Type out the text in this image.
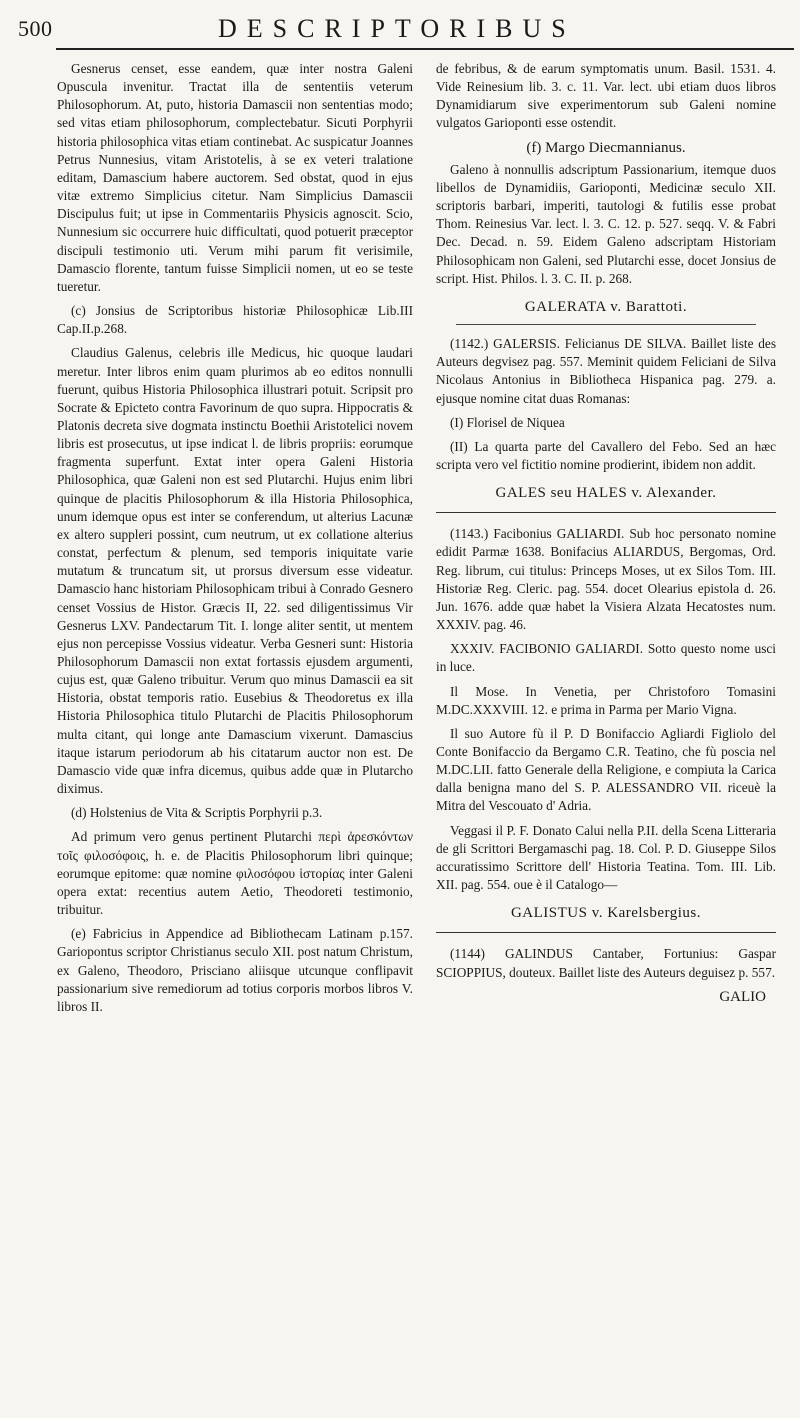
500	DESCRIPTORIBUS

Gesnerus censet, esse eandem, quæ inter nostra Galeni Opuscula invenitur. Tractat illa de sententiis veterum Philosophorum. At, puto, historia Damascii non sententias modo; sed vitas etiam philosophorum, complectebatur. Sicuti Porphyrii historia philosophica vitas etiam continebat. Ac suspicatur Joannes Petrus Nunnesius, vitam Aristotelis, à se ex veteri tralatione editam, Damascium habere auctorem. Sed obstat, quod in ejus vitæ extremo Simplicius citetur. Nam Simplicius Damascii Discipulus fuit; ut ipse in Commentariis Physicis agnoscit. Scio, Nunnesium sic occurrere huic difficultati, quod potuerit præceptor discipuli testimonio uti. Verum mihi parum fit verisimile, Damascio florente, tantum fuisse Simplicii nomen, ut eo se teste tueretur.

(c) Jonsius de Scriptoribus historiæ Philosophicæ Lib.III Cap.II.p.268.

Claudius Galenus, celebris ille Medicus, hic quoque laudari meretur. Inter libros enim quam plurimos ab eo editos nonnulli fuerunt, quibus Historia Philosophica illustrari potuit. Scripsit pro Socrate & Epicteto contra Favorinum de quo supra. Hippocratis & Platonis decreta sive dogmata instinctu Boethii Aristotelici novem libris est prosecutus, ut ipse indicat l. de libris propriis: eorumque fragmenta superfunt. Extat inter opera Galeni Historia Philosophica, quæ Galeni non est sed Plutarchi. Hujus enim libri quinque de placitis Philosophorum & illa Historia Philosophica, unum idemque opus est inter se conferendum, ut alterius Lacunæ ex altero suppleri possint, cum neutrum, ut ex collatione alterius constat, perfectum & plenum, sed temporis iniquitate varie mutatum & truncatum sit, ut prorsus diversum esse videatur. Damascio hanc historiam Philosophicam tribui à Conrado Gesnero censet Vossius de Histor. Græcis II, 22. sed diligentissimus Vir Gesnerus LXV. Pandectarum Tit. I. longe aliter sentit, ut mentem ejus non percepisse Vossius videatur. Verba Gesneri sunt: Historia Philosophorum Damascii non extat fortassis ejusdem argumenti, cujus est, quæ Galeno tribuitur. Verum quo minus Damascii ea sit Historia, obstat temporis ratio. Eusebius & Theodoretus ex illa Historia Philosophica titulo Plutarchi de Placitis Philosophorum multa citant, qui longe ante Damascium vixerunt. Damascius itaque istarum periodorum ab his citatarum auctor non est. De Damascio vide quæ infra dicemus, quibus adde quæ in Plutarcho diximus.

(d) Holstenius de Vita & Scriptis Porphyrii p.3.

Ad primum vero genus pertinent Plutarchi περὶ ἀρεσκόντων τοῖς φιλοσόφοις, h. e. de Placitis Philosophorum libri quinque; eorumque epitome: quæ nomine φιλοσόφου ἱστορίας inter Galeni opera extat: recentius autem Aetio, Theodoreti testimonio, tribuitur.

(e) Fabricius in Appendice ad Bibliothecam Latinam p.157. Gariopontus scriptor Christianus seculo XII. post natum Christum, ex Galeno, Theodoro, Prisciano aliisque utcunque conflipavit passionarium sive remediorum ad totius corporis morbos libros V. libros II.

de febribus, & de earum symptomatis unum. Basil. 1531. 4. Vide Reinesium lib. 3. c. 11. Var. lect. ubi etiam duos libros Dynamidiarum sive experimentorum sub Galeni nomine vulgatos Garioponti esse ostendit.

(f) Margo Diecmannianus.

Galeno à nonnullis adscriptum Passionarium, itemque duos libellos de Dynamidiis, Garioponti, Medicinæ seculo XII. scriptoris barbari, imperiti, tautologi & futilis esse probat Thom. Reinesius Var. lect. l. 3. C. 12. p. 527. seqq. V. & Fabri Dec. Decad. n. 59. Eidem Galeno adscriptam Historiam Philosophicam non Galeni, sed Plutarchi esse, docet Jonsius de script. Hist. Philos. l. 3. C. II. p. 268.

GALERATA v. Barattoti.

(1142.) GALERSIS. Felicianus DE SILVA. Baillet liste des Auteurs degvisez pag. 557. Meminit quidem Feliciani de Silva Nicolaus Antonius in Bibliotheca Hispanica pag. 279. a. ejusque nomine citat duas Romanas:

(I) Florisel de Niquea

(II) La quarta parte del Cavallero del Febo. Sed an hæc scripta vero vel fictitio nomine prodierint, ibidem non addit.

GALES seu HALES v. Alexander.

(1143.) Facibonius GALIARDI. Sub hoc personato nomine edidit Parmæ 1638. Bonifacius ALIARDUS, Bergomas, Ord. Reg. librum, cui titulus: Princeps Moses, ut ex Silos Tom. III. Historiæ Reg. Cleric. pag. 554. docet Olearius epistola d. 26. Jun. 1676. adde quæ habet la Visiera Alzata Hecatostes num. XXXIV. pag. 46.

XXXIV. FACIBONIO GALIARDI. Sotto questo nome usci in luce.

Il Mose. In Venetia, per Christoforo Tomasini M.DC.XXXVIII. 12. e prima in Parma per Mario Vigna.

Il suo Autore fù il P. D Bonifaccio Agliardi Figliolo del Conte Bonifaccio da Bergamo C.R. Teatino, che fù poscia nel M.DC.LII. fatto Generale della Religione, e compiuta la Carica dalla benigna mano del S. P. ALESSANDRO VII. riceuè la Mitra del Vescouato d' Adria.

Veggasi il P. F. Donato Calui nella P.II. della Scena Litteraria de gli Scrittori Bergamaschi pag. 18. Col. P. D. Giuseppe Silos accuratissimo Scrittore dell' Historia Teatina. Tom. III. Lib. XII. pag. 554. oue è il Catalogo—

GALISTUS v. Karelsbergius.

(1144) GALINDUS Cantaber, Fortunius: Gaspar SCIOPPIUS, douteux. Baillet liste des Auteurs deguisez p. 557.

GALIO
